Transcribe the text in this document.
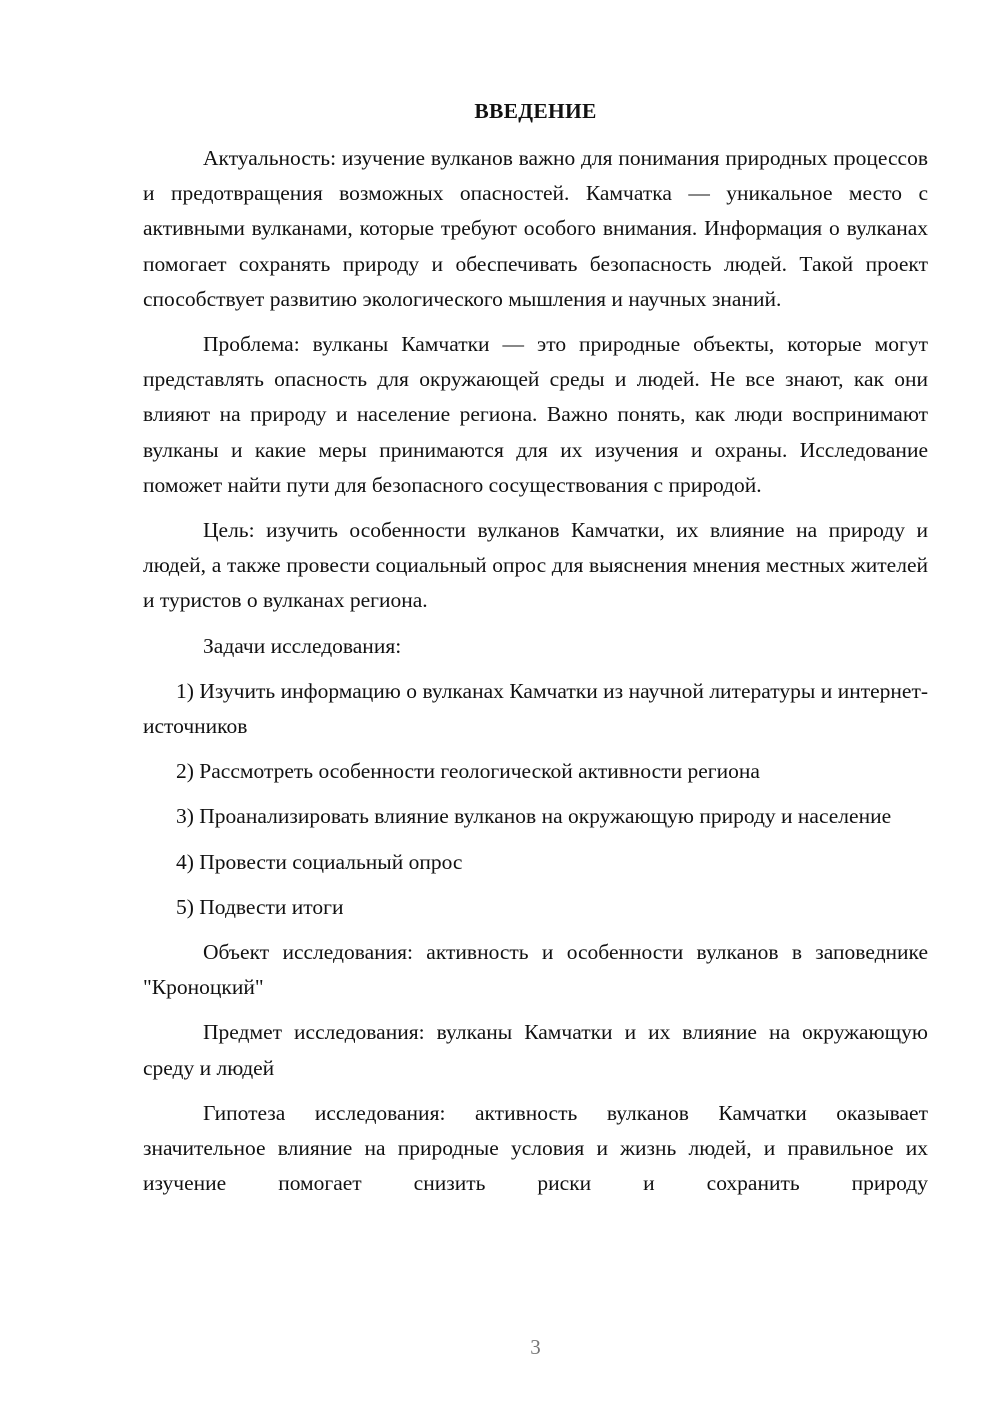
ВВЕДЕНИЕ

Актуальность: изучение вулканов важно для понимания природных процессов и предотвращения возможных опасностей. Камчатка — уникальное место с активными вулканами, которые требуют особого внимания. Информация о вулканах помогает сохранять природу и обеспечивать безопасность людей. Такой проект способствует развитию экологического мышления и научных знаний.

Проблема: вулканы Камчатки — это природные объекты, которые могут представлять опасность для окружающей среды и людей. Не все знают, как они влияют на природу и население региона. Важно понять, как люди воспринимают вулканы и какие меры принимаются для их изучения и охраны. Исследование поможет найти пути для безопасного сосуществования с природой.

Цель: изучить особенности вулканов Камчатки, их влияние на природу и людей, а также провести социальный опрос для выяснения мнения местных жителей и туристов о вулканах региона.

Задачи исследования:

1) Изучить информацию о вулканах Камчатки из научной литературы и интернет-источников

2) Рассмотреть особенности геологической активности региона

3) Проанализировать влияние вулканов на окружающую природу и население

4) Провести социальный опрос

5) Подвести итоги

Объект исследования: активность и особенности вулканов в заповеднике "Кроноцкий"

Предмет исследования: вулканы Камчатки и их влияние на окружающую среду и людей

Гипотеза исследования: активность вулканов Камчатки оказывает значительное влияние на природные условия и жизнь людей, и правильное их изучение помогает снизить риски и сохранить природу

3
